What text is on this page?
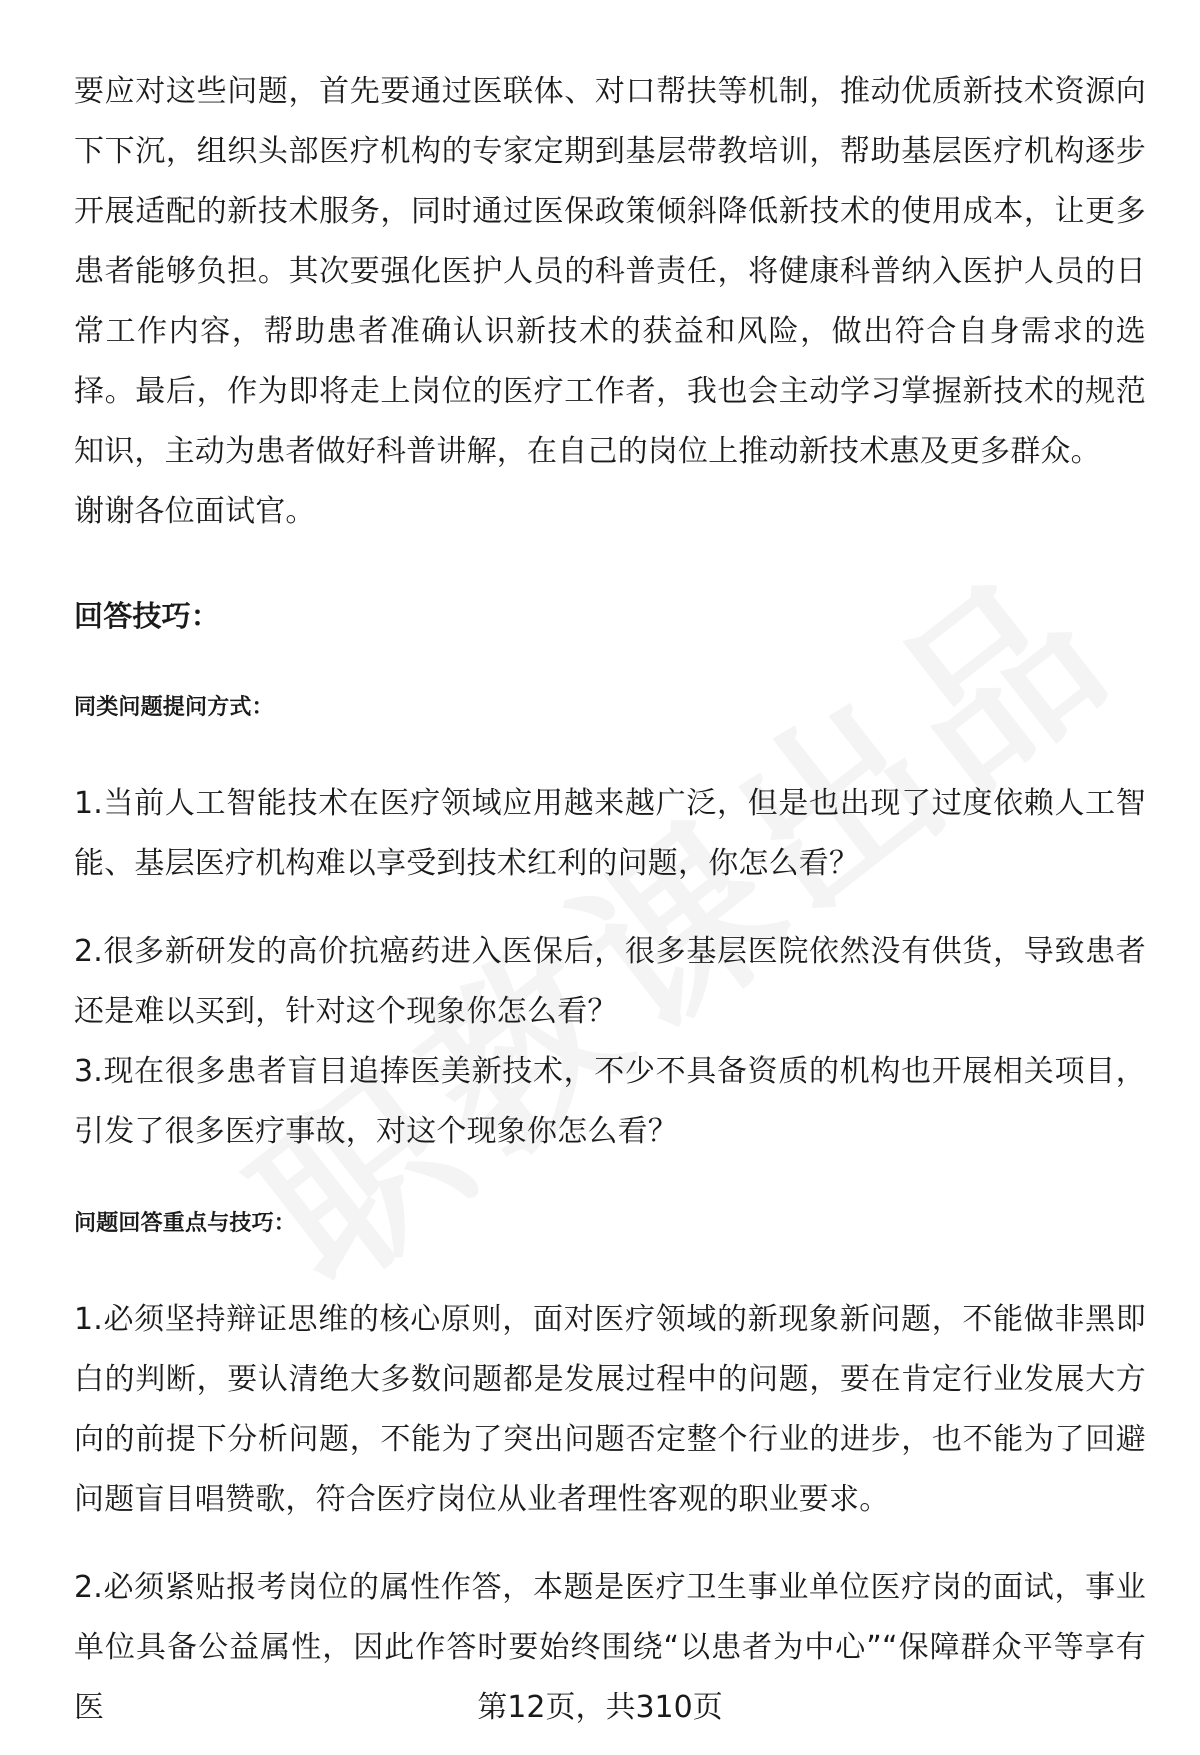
要应对这些问题，首先要通过医联体、对口帮扶等机制，推动优质新技术资源向下下沉，组织头部医疗机构的专家定期到基层带教培训，帮助基层医疗机构逐步开展适配的新技术服务，同时通过医保政策倾斜降低新技术的使用成本，让更多患者能够负担。其次要强化医护人员的科普责任，将健康科普纳入医护人员的日常工作内容，帮助患者准确认识新技术的获益和风险，做出符合自身需求的选择。最后，作为即将走上岗位的医疗工作者，我也会主动学习掌握新技术的规范知识，主动为患者做好科普讲解，在自己的岗位上推动新技术惠及更多群众。

谢谢各位面试官。

回答技巧：

同类问题提问方式：

1.当前人工智能技术在医疗领域应用越来越广泛，但是也出现了过度依赖人工智能、基层医疗机构难以享受到技术红利的问题，你怎么看？

2.很多新研发的高价抗癌药进入医保后，很多基层医院依然没有供货，导致患者还是难以买到，针对这个现象你怎么看？

3.现在很多患者盲目追捧医美新技术，不少不具备资质的机构也开展相关项目，引发了很多医疗事故，对这个现象你怎么看？

问题回答重点与技巧：

1.必须坚持辩证思维的核心原则，面对医疗领域的新现象新问题，不能做非黑即白的判断，要认清绝大多数问题都是发展过程中的问题，要在肯定行业发展大方向的前提下分析问题，不能为了突出问题否定整个行业的进步，也不能为了回避问题盲目唱赞歌，符合医疗岗位从业者理性客观的职业要求。

2.必须紧贴报考岗位的属性作答，本题是医疗卫生事业单位医疗岗的面试，事业单位具备公益属性，因此作答时要始终围绕“以患者为中心”“保障群众平等享有医	第12页，共310页
